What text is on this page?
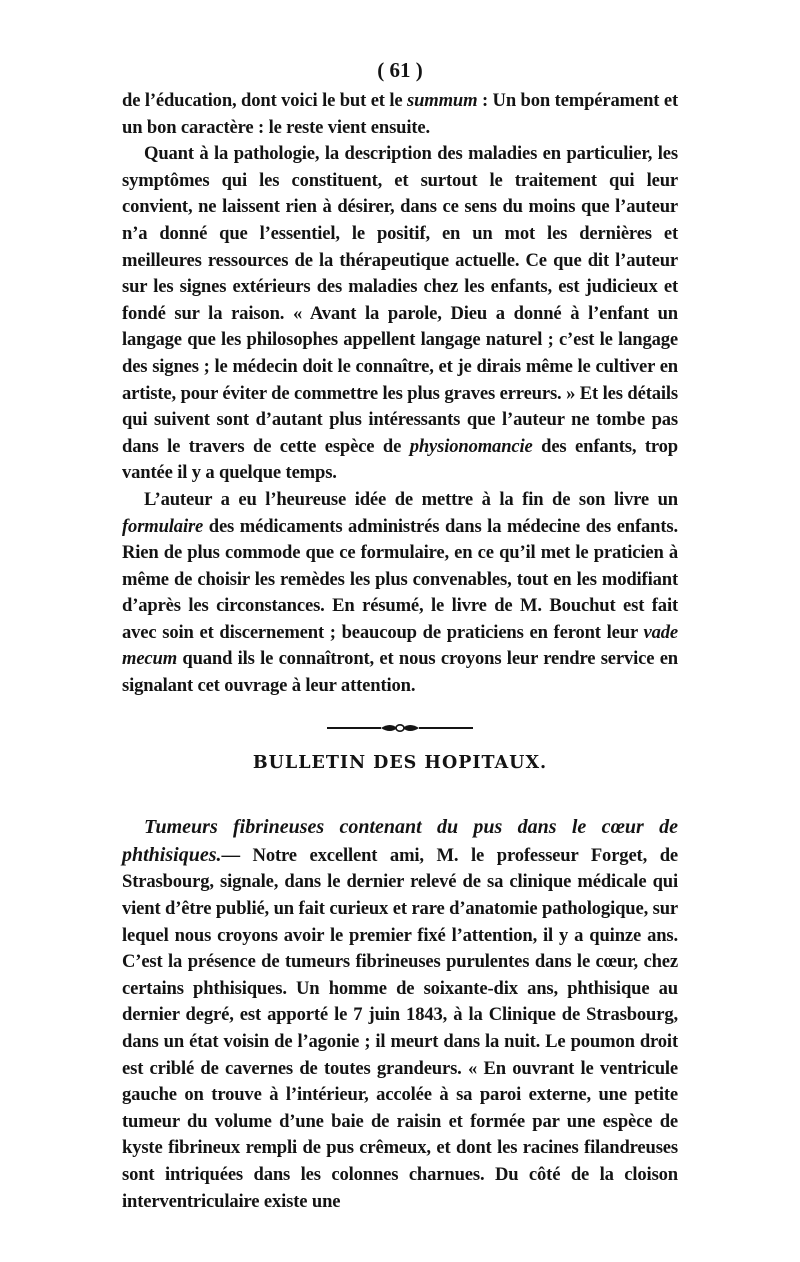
( 61 )

de l’éducation, dont voici le but et le summum : Un bon tempérament et un bon caractère : le reste vient ensuite.

Quant à la pathologie, la description des maladies en particulier, les symptômes qui les constituent, et surtout le traitement qui leur convient, ne laissent rien à désirer, dans ce sens du moins que l’auteur n’a donné que l’essentiel, le positif, en un mot les dernières et meilleures ressources de la thérapeutique actuelle. Ce que dit l’auteur sur les signes extérieurs des maladies chez les enfants, est judicieux et fondé sur la raison. « Avant la parole, Dieu a donné à l’enfant un langage que les philosophes appellent langage naturel ; c’est le langage des signes ; le médecin doit le connaître, et je dirais même le cultiver en artiste, pour éviter de commettre les plus graves erreurs. » Et les détails qui suivent sont d’autant plus intéressants que l’auteur ne tombe pas dans le travers de cette espèce de physionomancie des enfants, trop vantée il y a quelque temps.

L’auteur a eu l’heureuse idée de mettre à la fin de son livre un formulaire des médicaments administrés dans la médecine des enfants. Rien de plus commode que ce formulaire, en ce qu’il met le praticien à même de choisir les remèdes les plus convenables, tout en les modifiant d’après les circonstances. En résumé, le livre de M. Bouchut est fait avec soin et discernement ; beaucoup de praticiens en feront leur vade mecum quand ils le connaîtront, et nous croyons leur rendre service en signalant cet ouvrage à leur attention.

BULLETIN DES HOPITAUX.

Tumeurs fibrineuses contenant du pus dans le cœur de phthisiques.— Notre excellent ami, M. le professeur Forget, de Strasbourg, signale, dans le dernier relevé de sa clinique médicale qui vient d’être publié, un fait curieux et rare d’anatomie pathologique, sur lequel nous croyons avoir le premier fixé l’attention, il y a quinze ans. C’est la présence de tumeurs fibrineuses purulentes dans le cœur, chez certains phthisiques. Un homme de soixante-dix ans, phthisique au dernier degré, est apporté le 7 juin 1843, à la Clinique de Strasbourg, dans un état voisin de l’agonie ; il meurt dans la nuit. Le poumon droit est criblé de cavernes de toutes grandeurs. « En ouvrant le ventricule gauche on trouve à l’intérieur, accolée à sa paroi externe, une petite tumeur du volume d’une baie de raisin et formée par une espèce de kyste fibrineux rempli de pus crêmeux, et dont les racines filandreuses sont intriquées dans les colonnes charnues. Du côté de la cloison interventriculaire existe une
